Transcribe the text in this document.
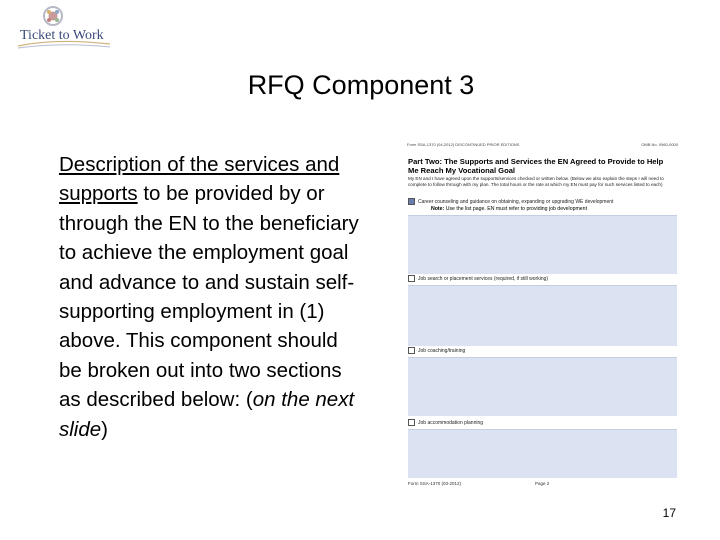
Ticket to Work
RFQ Component 3
Description of the services and supports to be provided by or through the EN to the beneficiary to achieve the employment goal and advance to and sustain self-supporting employment in (1) above. This component should be broken out into two sections as described below: (on the next slide)
Form SSA-1370 (04-2012) DISCONTINUED PRIOR EDITIONS	OMB No. 0960-0000
Part Two: The Supports and Services the EN Agreed to Provide to Help Me Reach My Vocational Goal
My EN and I have agreed upon the supports/services checked or written below. (Below we also explain the steps I will need to complete to follow through with my plan. The total hours or the rate at which my EN must pay for such services listed to each)
Career counseling and guidance on obtaining, expanding or upgrading WE development
Note: Use the list page. EN must refer to providing job development
Job search or placement services (required, if still working)
Job coaching/training
Job accommodation planning
Form SSA-1370 (03-2012)	Page 2
17
